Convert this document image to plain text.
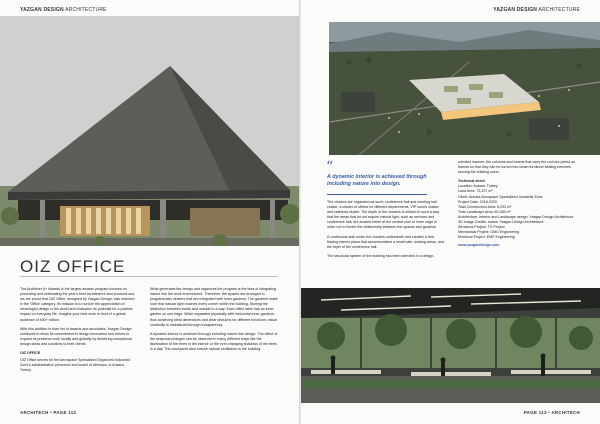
YAZGAN DESIGN ARCHITECTURE
OIZ OFFICE

The Architizer A+ Awards is the largest awards program focused on promoting and celebrating the year's best architecture and products and we are proud that OIZ Office, designed by Yazgan Design, was selected in the 'Office' category. Its mission is to nurture the appreciation of meaningful design in the world and champion its potential for a positive impact on everyday life. Imagine your best work in front of a global audience of 400+ million.

With this addition to their list of awards and accolades, Yazgan Design continues to show its commitment to design innovation and strives to expand its presence both locally and globally by delivering exceptional design ideas and solutions to their clients.

OIZ OFFICE

OIZ Office serves for the Aerospace Specialized Organized Industrial Zone's administrative personnel and board of directors, in Ankara, Turkey.

What generates the design and organizes the program is the idea of integrating nature into the work environment. Therefore, the spaces are arranged in programmatic clusters that are integrated with inner gardens. The gardens make sure that natural light reaches every corner within the building, blurring the distinction between inside and outside in a way. Each office table has an inner garden on one edge. While separated physically with horizontal inner gardens, thus achieving ideal dimensions and clear divisions for different functions; visual continuity is maintained through transparency.

A dynamic interior is achieved through including nature into design. The effect of the seasonal changes can be observed in many different ways like the illumination of the trees in the interior or the ever-changing shadows of the trees in a day. The courtyards also ensure natural ventilation in the building.

ARCHITECH • PAGE 112
YAZGAN DESIGN ARCHITECTURE
“
A dynamic interior is achieved through including nature into design.

The clusters are organized as such; conference hall and meeting hall cluster, a cluster of offices for different departments, VIP rooms cluster, and cafeteria cluster. The depth of the clusters is utilized in such a way that the areas that do not require natural light, such as services and conference hall, are located either at the central core or inner edge in order not to hinder the relationship between the spaces and gardens.

A continuous slab under the clusters underneath and creates a free-flowing interior plaza that accommodates a small cafe, seating areas, and the foyer of the conference hall.

The structural system of the building has been selected in a design-

oriented manner; the columns and beams that carry the roof are joined as frames so that they can be turned into urban furniture/ seating benches serving the building users.

Technical sheet

Location: Ankara, Turkey

Land Area: 73,237 m²

Client: Ankara Aerospace Specialized Industrial Zone

Project Date: 2018-2020

Total Construction Area: 6,293 m²

Total Landscape Area: 63,356 m²

Architecture, Interior and Landscape design: Yazgan Design Architecture

3D Image Credits: Isatus, Yazgan Design Architecture

Structural Project: TG Project

Mechanical Project: GMG Engineering

Electrical Project: EMP Engineering

www.yazgandesign.com

PAGE 113 • ARCHITECH
